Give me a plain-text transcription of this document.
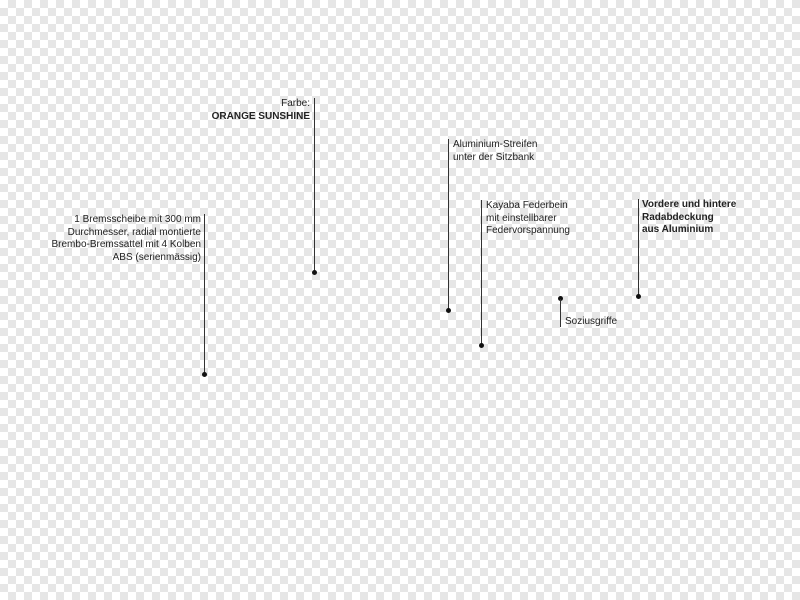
Farbe:
ORANGE SUNSHINE
1 Bremsscheibe mit 300 mm
Durchmesser, radial montierte
Brembo-Bremssattel mit 4 Kolben
ABS (serienmässig)
Aluminium-Streifen
unter der Sitzbank
Kayaba Federbein
mit einstellbarer
Federvorspannung
Soziusgriffe
Vordere und hintere
Radabdeckung
aus Aluminium
